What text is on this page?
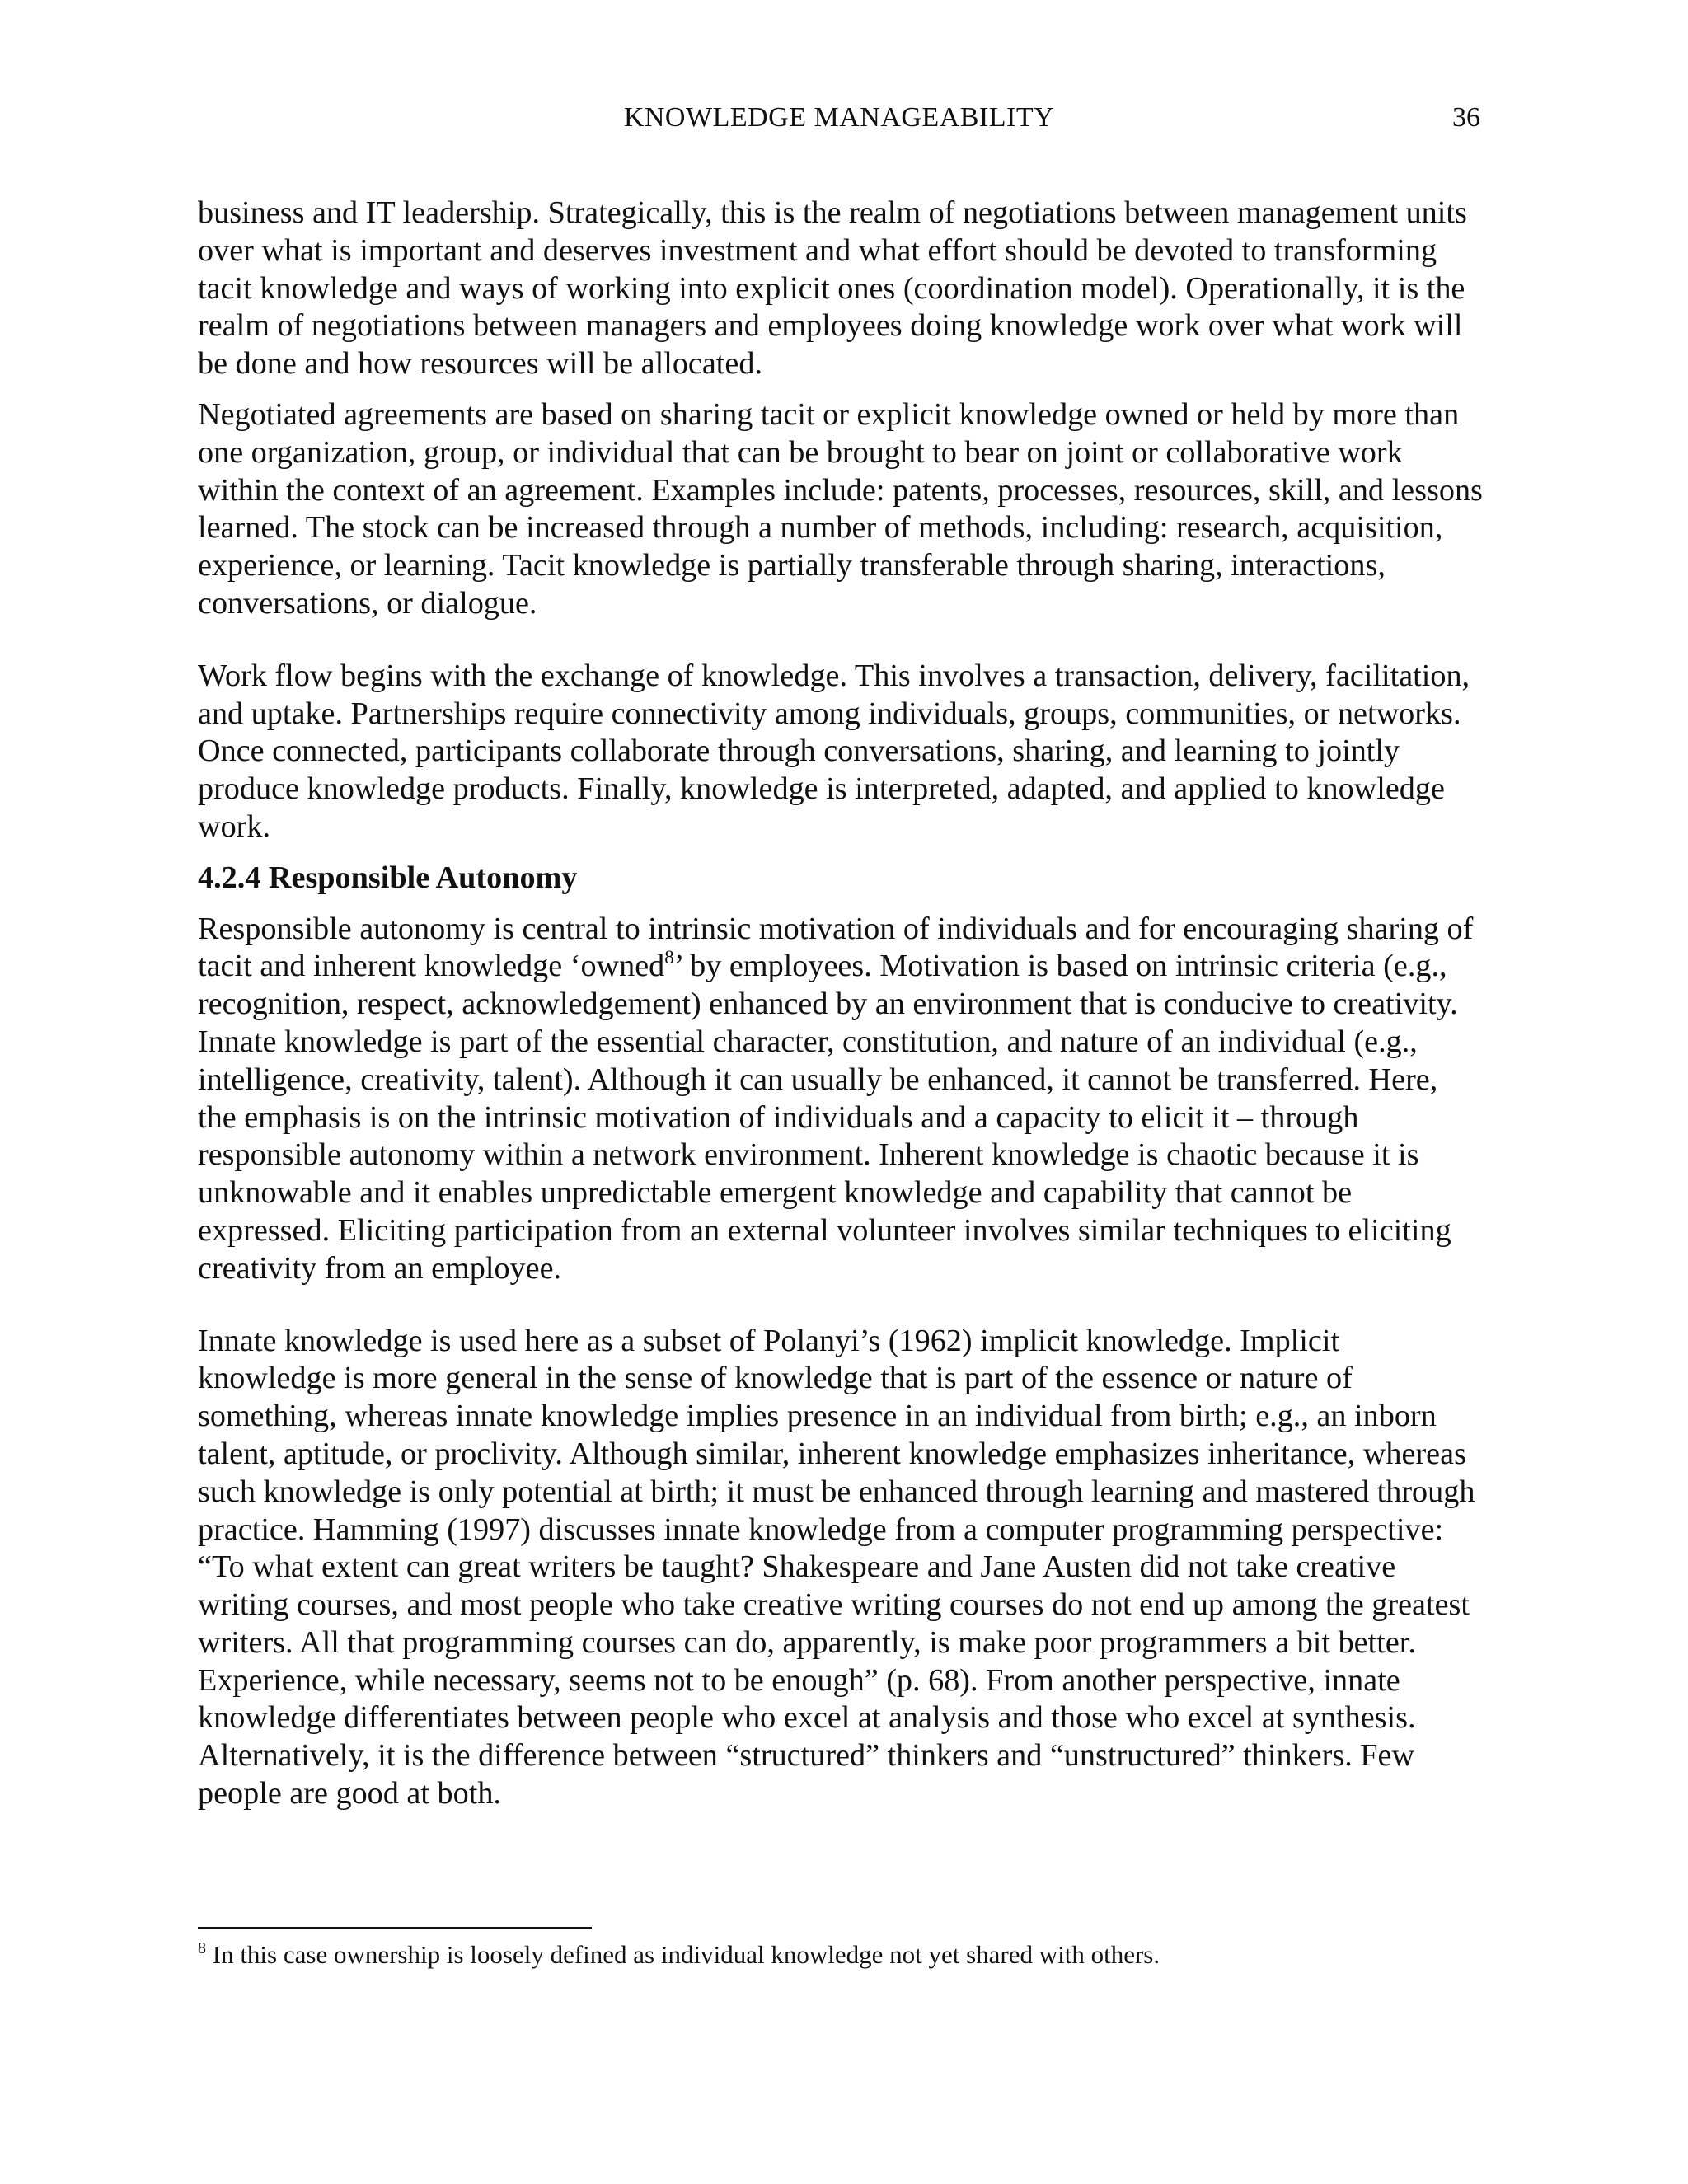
KNOWLEDGE MANAGEABILITY	36

business and IT leadership. Strategically, this is the realm of negotiations between management units over what is important and deserves investment and what effort should be devoted to transforming tacit knowledge and ways of working into explicit ones (coordination model). Operationally, it is the realm of negotiations between managers and employees doing knowledge work over what work will be done and how resources will be allocated.

Negotiated agreements are based on sharing tacit or explicit knowledge owned or held by more than one organization, group, or individual that can be brought to bear on joint or collaborative work within the context of an agreement. Examples include: patents, processes, resources, skill, and lessons learned. The stock can be increased through a number of methods, including: research, acquisition, experience, or learning. Tacit knowledge is partially transferable through sharing, interactions, conversations, or dialogue.

Work flow begins with the exchange of knowledge. This involves a transaction, delivery, facilitation, and uptake. Partnerships require connectivity among individuals, groups, communities, or networks. Once connected, participants collaborate through conversations, sharing, and learning to jointly produce knowledge products. Finally, knowledge is interpreted, adapted, and applied to knowledge work.

4.2.4 Responsible Autonomy

Responsible autonomy is central to intrinsic motivation of individuals and for encouraging sharing of tacit and inherent knowledge ‘owned$^8$’ by employees. Motivation is based on intrinsic criteria (e.g., recognition, respect, acknowledgement) enhanced by an environment that is conducive to creativity. Innate knowledge is part of the essential character, constitution, and nature of an individual (e.g., intelligence, creativity, talent). Although it can usually be enhanced, it cannot be transferred. Here, the emphasis is on the intrinsic motivation of individuals and a capacity to elicit it – through responsible autonomy within a network environment. Inherent knowledge is chaotic because it is unknowable and it enables unpredictable emergent knowledge and capability that cannot be expressed. Eliciting participation from an external volunteer involves similar techniques to eliciting creativity from an employee.

Innate knowledge is used here as a subset of Polanyi’s (1962) implicit knowledge. Implicit knowledge is more general in the sense of knowledge that is part of the essence or nature of something, whereas innate knowledge implies presence in an individual from birth; e.g., an inborn talent, aptitude, or proclivity. Although similar, inherent knowledge emphasizes inheritance, whereas such knowledge is only potential at birth; it must be enhanced through learning and mastered through practice. Hamming (1997) discusses innate knowledge from a computer programming perspective: “To what extent can great writers be taught? Shakespeare and Jane Austen did not take creative writing courses, and most people who take creative writing courses do not end up among the greatest writers. All that programming courses can do, apparently, is make poor programmers a bit better. Experience, while necessary, seems not to be enough” (p. 68). From another perspective, innate knowledge differentiates between people who excel at analysis and those who excel at synthesis. Alternatively, it is the difference between “structured” thinkers and “unstructured” thinkers. Few people are good at both.

$^8$ In this case ownership is loosely defined as individual knowledge not yet shared with others.
